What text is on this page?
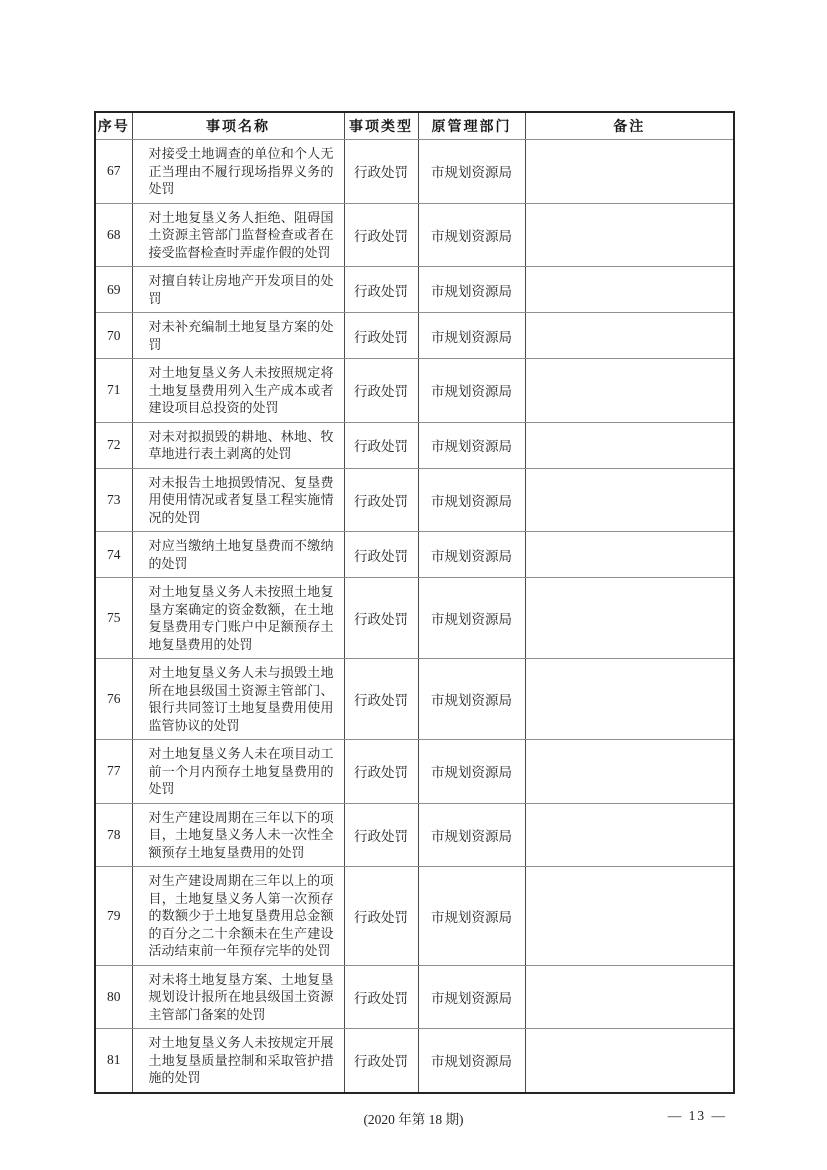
序号	事项名称	事项类型	原管理部门	备注
67	对接受土地调查的单位和个人无正当理由不履行现场指界义务的处罚	行政处罚	市规划资源局	
68	对土地复垦义务人拒绝、阻碍国土资源主管部门监督检查或者在接受监督检查时弄虚作假的处罚	行政处罚	市规划资源局	
69	对擅自转让房地产开发项目的处罚	行政处罚	市规划资源局	
70	对未补充编制土地复垦方案的处罚	行政处罚	市规划资源局	
71	对土地复垦义务人未按照规定将土地复垦费用列入生产成本或者建设项目总投资的处罚	行政处罚	市规划资源局	
72	对未对拟损毁的耕地、林地、牧草地进行表土剥离的处罚	行政处罚	市规划资源局	
73	对未报告土地损毁情况、复垦费用使用情况或者复垦工程实施情况的处罚	行政处罚	市规划资源局	
74	对应当缴纳土地复垦费而不缴纳的处罚	行政处罚	市规划资源局	
75	对土地复垦义务人未按照土地复垦方案确定的资金数额，在土地复垦费用专门账户中足额预存土地复垦费用的处罚	行政处罚	市规划资源局	
76	对土地复垦义务人未与损毁土地所在地县级国土资源主管部门、银行共同签订土地复垦费用使用监管协议的处罚	行政处罚	市规划资源局	
77	对土地复垦义务人未在项目动工前一个月内预存土地复垦费用的处罚	行政处罚	市规划资源局	
78	对生产建设周期在三年以下的项目，土地复垦义务人未一次性全额预存土地复垦费用的处罚	行政处罚	市规划资源局	
79	对生产建设周期在三年以上的项目，土地复垦义务人第一次预存的数额少于土地复垦费用总金额的百分之二十余额未在生产建设活动结束前一年预存完毕的处罚	行政处罚	市规划资源局	
80	对未将土地复垦方案、土地复垦规划设计报所在地县级国土资源主管部门备案的处罚	行政处罚	市规划资源局	
81	对土地复垦义务人未按规定开展土地复垦质量控制和采取管护措施的处罚	行政处罚	市规划资源局	
(2020 年第 18 期)	— 13 —
